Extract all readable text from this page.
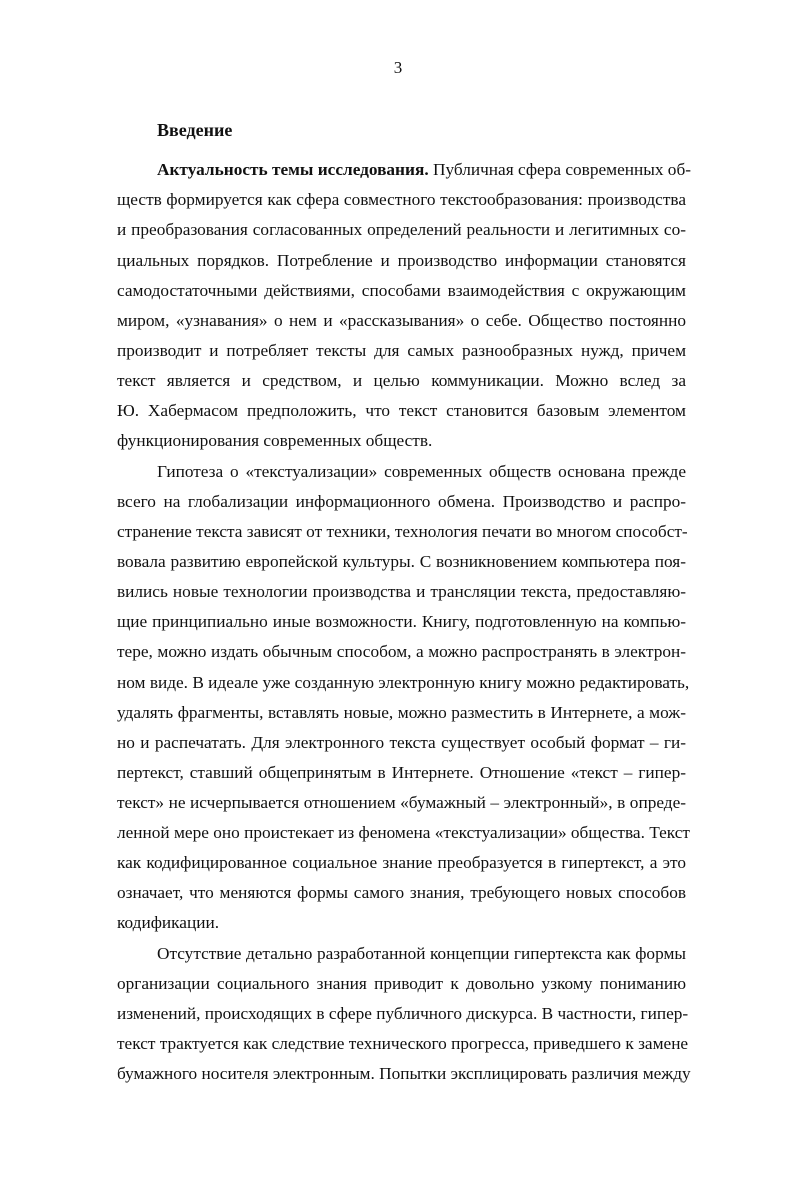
3
Введение
Актуальность темы исследования. Публичная сфера современных об-
ществ формируется как сфера совместного текстообразования: производства
и преобразования согласованных определений реальности и легитимных со-
циальных порядков. Потребление и производство информации становятся
самодостаточными действиями, способами взаимодействия с окружающим
миром, «узнавания» о нем и «рассказывания» о себе. Общество постоянно
производит и потребляет тексты для самых разнообразных нужд, причем
текст является и средством, и целью коммуникации. Можно вслед за
Ю. Хабермасом предположить, что текст становится базовым элементом
функционирования современных обществ.
Гипотеза о «текстуализации» современных обществ основана прежде
всего на глобализации информационного обмена. Производство и распро-
странение текста зависят от техники, технология печати во многом способст-
вовала развитию европейской культуры. С возникновением компьютера поя-
вились новые технологии производства и трансляции текста, предоставляю-
щие принципиально иные возможности. Книгу, подготовленную на компью-
тере, можно издать обычным способом, а можно распространять в электрон-
ном виде. В идеале уже созданную электронную книгу можно редактировать,
удалять фрагменты, вставлять новые, можно разместить в Интернете, а мож-
но и распечатать. Для электронного текста существует особый формат – ги-
пертекст, ставший общепринятым в Интернете. Отношение «текст – гипер-
текст» не исчерпывается отношением «бумажный – электронный», в опреде-
ленной мере оно проистекает из феномена «текстуализации» общества. Текст
как кодифицированное социальное знание преобразуется в гипертекст, а это
означает, что меняются формы самого знания, требующего новых способов
кодификации.
Отсутствие детально разработанной концепции гипертекста как формы
организации социального знания приводит к довольно узкому пониманию
изменений, происходящих в сфере публичного дискурса. В частности, гипер-
текст трактуется как следствие технического прогресса, приведшего к замене
бумажного носителя электронным. Попытки эксплицировать различия между
